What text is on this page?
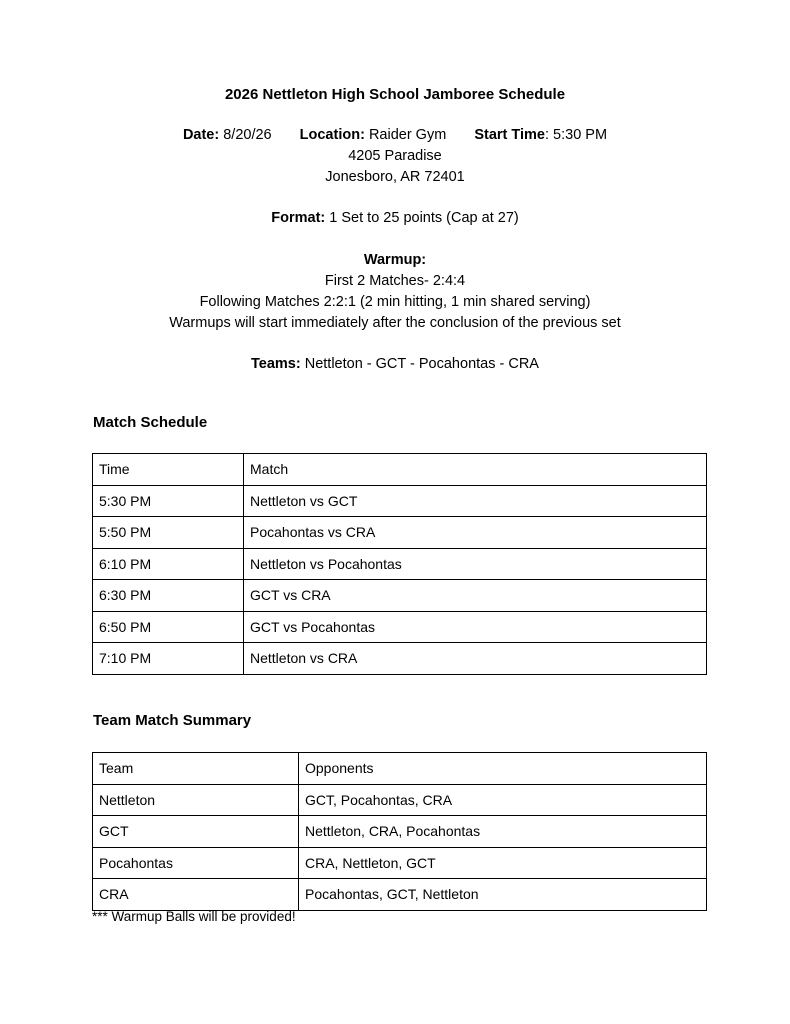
2026 Nettleton High School Jamboree Schedule
Date: 8/20/26 Location: Raider Gym Start Time: 5:30 PM
4205 Paradise
Jonesboro, AR 72401
Format: 1 Set to 25 points (Cap at 27)
Warmup:
First 2 Matches- 2:4:4
Following Matches 2:2:1 (2 min hitting, 1 min shared serving)
Warmups will start immediately after the conclusion of the previous set
Teams: Nettleton - GCT - Pocahontas - CRA
Match Schedule
Time	Match
5:30 PM	Nettleton vs GCT
5:50 PM	Pocahontas vs CRA
6:10 PM	Nettleton vs Pocahontas
6:30 PM	GCT vs CRA
6:50 PM	GCT vs Pocahontas
7:10 PM	Nettleton vs CRA
Team Match Summary
Team	Opponents
Nettleton	GCT, Pocahontas, CRA
GCT	Nettleton, CRA, Pocahontas
Pocahontas	CRA, Nettleton, GCT
CRA	Pocahontas, GCT, Nettleton
*** Warmup Balls will be provided!
